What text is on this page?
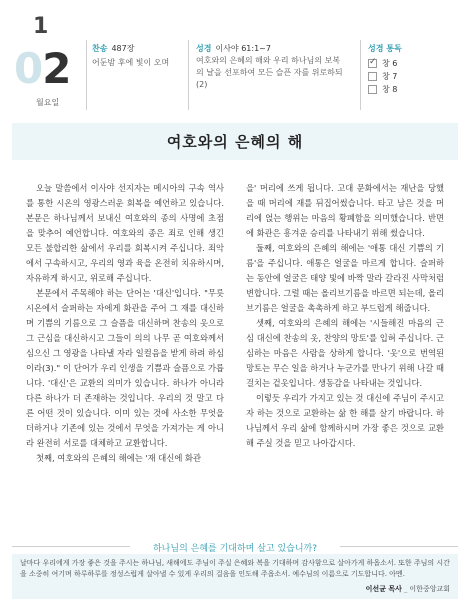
1
02
월요일
찬송 487장
어둔밤 후에 빛이 오며
성경 이사야 61:1~7
여호와의 은혜의 해와 우리 하나님의 보복의 날을 선포하여 모든 슬픈 자를 위로하되 (2)
성경 통독
✓
창 6
창 7
창 8
여호와의 은혜의 해

오늘 말씀에서 이사야 선지자는 메시아의 구속 역사를 통한 시온의 영광스러운 회복을 예언하고 있습니다. 본문은 하나님께서 보내신 여호와의 종의 사명에 초점을 맞추어 예언합니다. 여호와의 종은 죄로 인해 생긴 모든 불합리한 삶에서 우리를 회복시켜 주십니다. 죄악에서 구속하시고, 우리의 영과 육을 온전히 치유하시며, 자유하게 하시고, 위로해 주십니다.

본문에서 주목해야 하는 단어는 '대신'입니다. "무릇 시온에서 슬퍼하는 자에게 화관을 주어 그 재를 대신하며 기쁨의 기름으로 그 슬픔을 대신하며 찬송의 옷으로 그 근심을 대신하시고 그들이 의의 나무 곧 여호와께서 심으신 그 영광을 나타낼 자라 일컬음을 받게 하려 하심이라(3)." 이 단어가 우리 인생을 기쁨과 슬픔으로 가릅니다. '대신'은 교환의 의미가 있습니다. 하나가 아니라 다른 하나가 더 존재하는 것입니다. 우리의 것 말고 다른 어떤 것이 있습니다. 이미 있는 것에 사소한 무엇을 더하거나 기존에 있는 것에서 무엇을 가져가는 게 아니라 완전히 서로를 대체하고 교환합니다.

첫째, 여호와의 은혜의 해에는 '재 대신에 화관

을' 머리에 쓰게 됩니다. 고대 문화에서는 재난을 당했을 때 머리에 재를 뒤집어썼습니다. 타고 남은 것을 머리에 얹는 행위는 마음의 황폐함을 의미했습니다. 반면에 화관은 흥겨운 승리를 나타내기 위해 썼습니다.

둘째, 여호와의 은혜의 해에는 '애통 대신 기쁨의 기름'을 주십니다. 애통은 얼굴을 마르게 합니다. 슬퍼하는 동안에 얼굴은 태양 빛에 바짝 말라 갈라진 사막처럼 변합니다. 그럴 때는 올리브기름을 바르면 되는데, 올리브기름은 얼굴을 촉촉하게 하고 부드럽게 해줍니다.

셋째, 여호와의 은혜의 해에는 '시들해진 마음의 근심 대신에 찬송의 옷, 찬양의 망토'를 입혀 주십니다. 근심하는 마음은 사람을 상하게 합니다. '옷'으로 번역된 망토는 무슨 일을 하거나 누군가를 만나기 위해 나갈 때 걸치는 겉옷입니다. 생동감을 나타내는 것입니다.

이렇듯 우리가 가지고 있는 것 대신에 주님이 주시고자 하는 것으로 교환하는 삶 한 해를 살기 바랍니다. 하나님께서 우리 삶에 함께하시며 가장 좋은 것으로 교환해 주실 것을 믿고 나아갑시다.

하나님의 은혜를 기대하며 살고 있습니까?
날마다 우리에게 가장 좋은 것을 주시는 하나님, 새해에도 주님이 주실 은혜와 복을 기대하며 감사함으로 살아가게 하옵소서. 또한 주님의 시간을 소중히 여기며 하루하루를 정성스럽게 살아낼 수 있게 우리의 걸음을 인도해 주옵소서. 예수님의 이름으로 기도합니다. 아멘.
이선균 목사 _ 이한중앙교회
